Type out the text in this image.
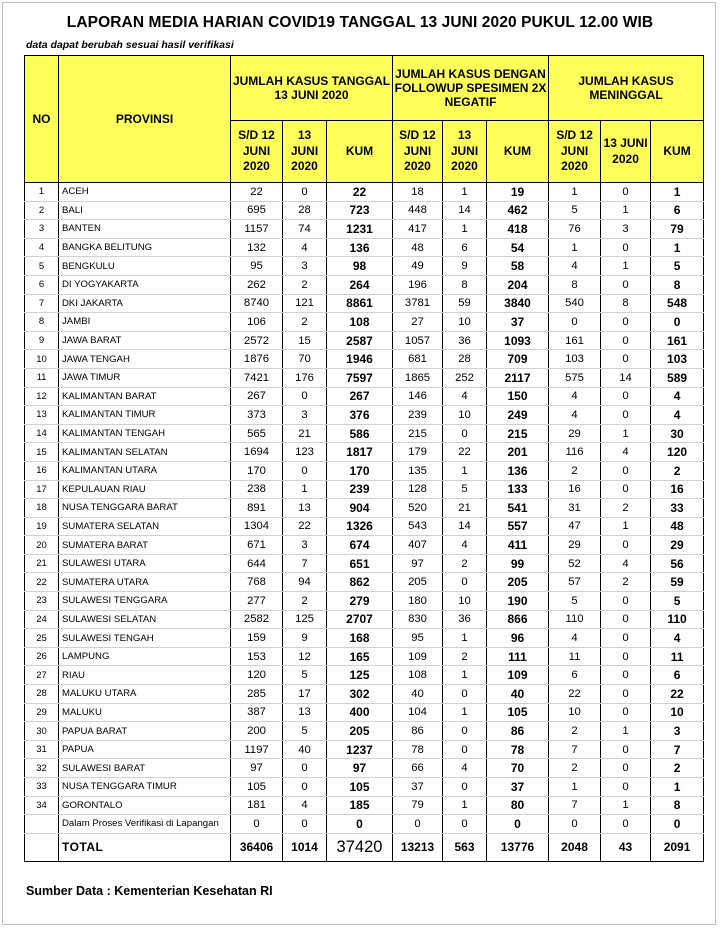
LAPORAN MEDIA HARIAN COVID19 TANGGAL 13 JUNI 2020 PUKUL 12.00 WIB
data dapat berubah sesuai hasil verifikasi
NO	PROVINSI	JUMLAH KASUS TANGGAL 13 JUNI 2020			JUMLAH KASUS DENGAN FOLLOWUP SPESIMEN 2X NEGATIF			JUMLAH KASUS MENINGGAL		
		S/D 12 JUNI 2020	13 JUNI 2020	KUM	S/D 12 JUNI 2020	13 JUNI 2020	KUM	S/D 12 JUNI 2020	13 JUNI 2020	KUM
1	ACEH	22	0	22	18	1	19	1	0	1
2	BALI	695	28	723	448	14	462	5	1	6
3	BANTEN	1157	74	1231	417	1	418	76	3	79
4	BANGKA BELITUNG	132	4	136	48	6	54	1	0	1
5	BENGKULU	95	3	98	49	9	58	4	1	5
6	DI YOGYAKARTA	262	2	264	196	8	204	8	0	8
7	DKI JAKARTA	8740	121	8861	3781	59	3840	540	8	548
8	JAMBI	106	2	108	27	10	37	0	0	0
9	JAWA BARAT	2572	15	2587	1057	36	1093	161	0	161
10	JAWA TENGAH	1876	70	1946	681	28	709	103	0	103
11	JAWA TIMUR	7421	176	7597	1865	252	2117	575	14	589
12	KALIMANTAN BARAT	267	0	267	146	4	150	4	0	4
13	KALIMANTAN TIMUR	373	3	376	239	10	249	4	0	4
14	KALIMANTAN TENGAH	565	21	586	215	0	215	29	1	30
15	KALIMANTAN SELATAN	1694	123	1817	179	22	201	116	4	120
16	KALIMANTAN UTARA	170	0	170	135	1	136	2	0	2
17	KEPULAUAN RIAU	238	1	239	128	5	133	16	0	16
18	NUSA TENGGARA BARAT	891	13	904	520	21	541	31	2	33
19	SUMATERA SELATAN	1304	22	1326	543	14	557	47	1	48
20	SUMATERA BARAT	671	3	674	407	4	411	29	0	29
21	SULAWESI UTARA	644	7	651	97	2	99	52	4	56
22	SUMATERA UTARA	768	94	862	205	0	205	57	2	59
23	SULAWESI TENGGARA	277	2	279	180	10	190	5	0	5
24	SULAWESI SELATAN	2582	125	2707	830	36	866	110	0	110
25	SULAWESI TENGAH	159	9	168	95	1	96	4	0	4
26	LAMPUNG	153	12	165	109	2	111	11	0	11
27	RIAU	120	5	125	108	1	109	6	0	6
28	MALUKU UTARA	285	17	302	40	0	40	22	0	22
29	MALUKU	387	13	400	104	1	105	10	0	10
30	PAPUA BARAT	200	5	205	86	0	86	2	1	3
31	PAPUA	1197	40	1237	78	0	78	7	0	7
32	SULAWESI BARAT	97	0	97	66	4	70	2	0	2
33	NUSA TENGGARA TIMUR	105	0	105	37	0	37	1	0	1
34	GORONTALO	181	4	185	79	1	80	7	1	8
	Dalam Proses Verifikasi di Lapangan	0	0	0	0	0	0	0	0	0
	TOTAL	36406	1014	37420	13213	563	13776	2048	43	2091
Sumber Data : Kementerian Kesehatan RI
